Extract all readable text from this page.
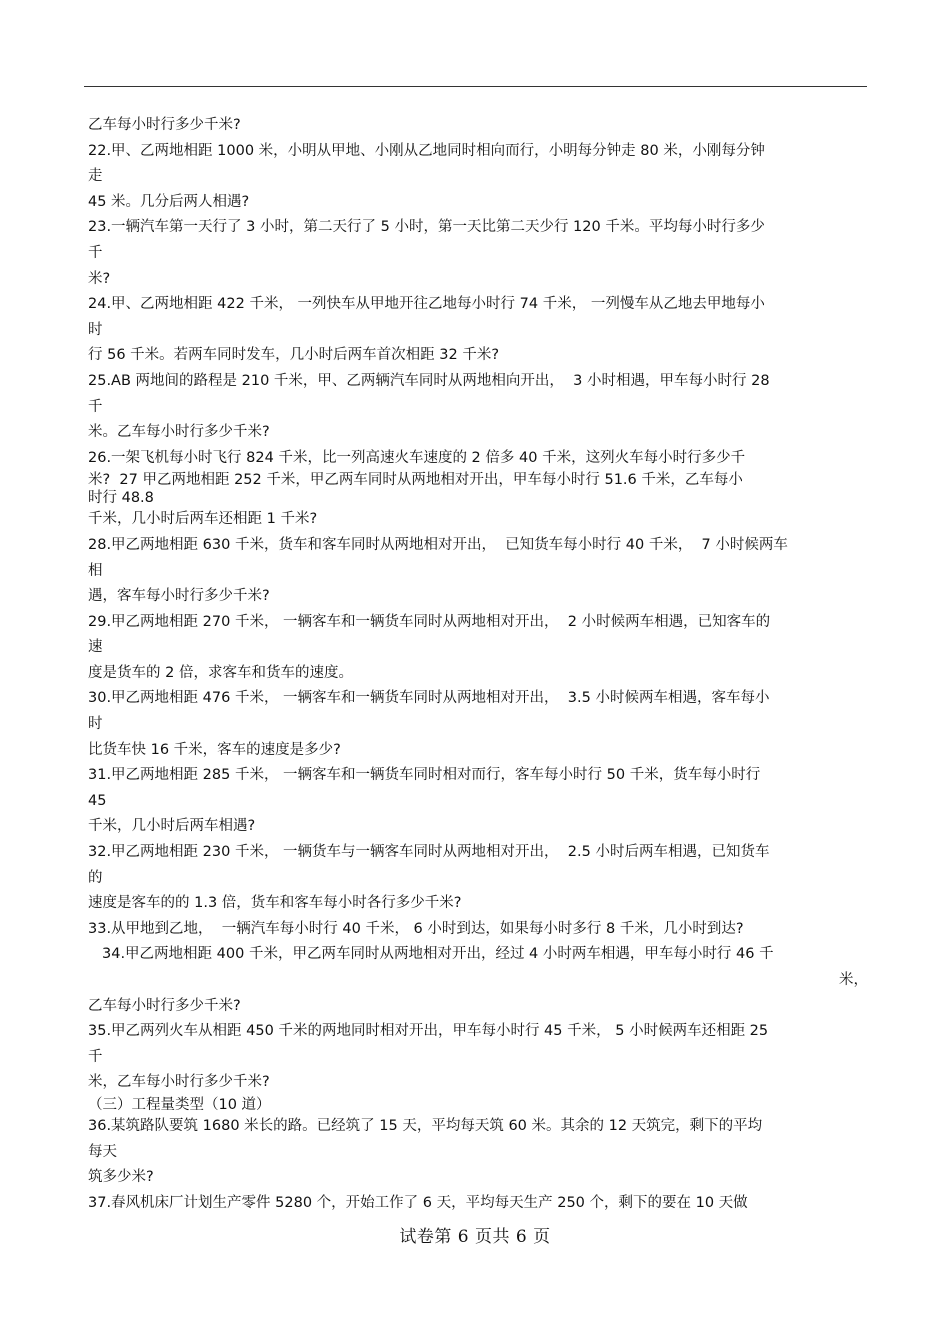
乙车每小时行多少千米?
22.甲、乙两地相距 1000 米，小明从甲地、小刚从乙地同时相向而行，小明每分钟走 80 米，小刚每分钟
走
45 米。几分后两人相遇?
23.一辆汽车第一天行了 3 小时，第二天行了 5 小时，第一天比第二天少行 120 千米。平均每小时行多少
千
米?
24.甲、乙两地相距 422 千米， 一列快车从甲地开往乙地每小时行 74 千米， 一列慢车从乙地去甲地每小
时
行 56 千米。若两车同时发车，几小时后两车首次相距 32 千米?
25.AB 两地间的路程是 210 千米，甲、乙两辆汽车同时从两地相向开出，  3 小时相遇，甲车每小时行 28
千
米。乙车每小时行多少千米?
26.一架飞机每小时飞行 824 千米，比一列高速火车速度的 2 倍多 40 千米，这列火车每小时行多少千
米?  27 甲乙两地相距 252 千米，甲乙两车同时从两地相对开出，甲车每小时行 51.6 千米，乙车每小
时行 48.8
千米，几小时后两车还相距 1 千米?
28.甲乙两地相距 630 千米，货车和客车同时从两地相对开出，  已知货车每小时行 40 千米，  7 小时候两车
相
遇，客车每小时行多少千米?
29.甲乙两地相距 270 千米， 一辆客车和一辆货车同时从两地相对开出，  2 小时候两车相遇，已知客车的
速
度是货车的 2 倍，求客车和货车的速度。
30.甲乙两地相距 476 千米， 一辆客车和一辆货车同时从两地相对开出，  3.5 小时候两车相遇，客车每小
时
比货车快 16 千米，客车的速度是多少?
31.甲乙两地相距 285 千米， 一辆客车和一辆货车同时相对而行，客车每小时行 50 千米，货车每小时行
45
千米，几小时后两车相遇?
32.甲乙两地相距 230 千米， 一辆货车与一辆客车同时从两地相对开出，  2.5 小时后两车相遇，已知货车
的
速度是客车的的 1.3 倍，货车和客车每小时各行多少千米?
33.从甲地到乙地，  一辆汽车每小时行 40 千米， 6 小时到达，如果每小时多行 8 千米，几小时到达?
34.甲乙两地相距 400 千米，甲乙两车同时从两地相对开出，经过 4 小时两车相遇，甲车每小时行 46 千
米，
乙车每小时行多少千米?
35.甲乙两列火车从相距 450 千米的两地同时相对开出，甲车每小时行 45 千米， 5 小时候两车还相距 25
千
米，乙车每小时行多少千米?
（三）工程量类型（10 道）
36.某筑路队要筑 1680 米长的路。已经筑了 15 天，平均每天筑 60 米。其余的 12 天筑完，剩下的平均
每天
筑多少米?
37.春风机床厂计划生产零件 5280 个，开始工作了 6 天，平均每天生产 250 个，剩下的要在 10 天做
试卷第 6 页共 6 页
